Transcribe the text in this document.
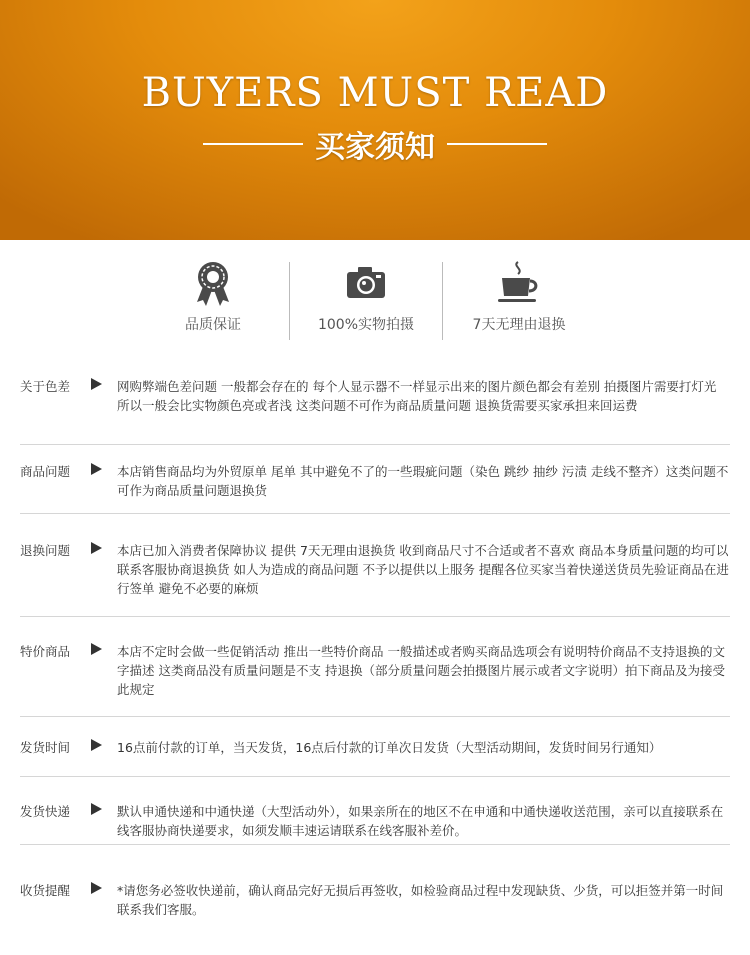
BUYERS MUST READ
买家须知
品质保证	100%实物拍摄	7天无理由退换
关于色差	网购弊端色差问题 一般都会存在的 每个人显示器不一样显示出来的图片颜色都会有差别 拍摄图片需要打灯光 所以一般会比实物颜色亮或者浅 这类问题不可作为商品质量问题 退换货需要买家承担来回运费
商品问题	本店销售商品均为外贸原单 尾单 其中避免不了的一些瑕疵问题（染色 跳纱 抽纱 污渍 走线不整齐）这类问题不可作为商品质量问题退换货
退换问题	本店已加入消费者保障协议 提供 7天无理由退换货 收到商品尺寸不合适或者不喜欢 商品本身质量问题的均可以联系客服协商退换货 如人为造成的商品问题 不予以提供以上服务 提醒各位买家当着快递送货员先验证商品在进行签单 避免不必要的麻烦
特价商品	本店不定时会做一些促销活动 推出一些特价商品 一般描述或者购买商品选项会有说明特价商品不支持退换的文字描述 这类商品没有质量问题是不支 持退换（部分质量问题会拍摄图片展示或者文字说明）拍下商品及为接受此规定
发货时间	16点前付款的订单，当天发货，16点后付款的订单次日发货（大型活动期间，发货时间另行通知）
发货快递	默认申通快递和中通快递（大型活动外），如果亲所在的地区不在申通和中通快递收送范围，亲可以直接联系在线客服协商快递要求，如须发顺丰速运请联系在线客服补差价。
收货提醒	*请您务必签收快递前，确认商品完好无损后再签收，如检验商品过程中发现缺货、少货，可以拒签并第一时间联系我们客服。
